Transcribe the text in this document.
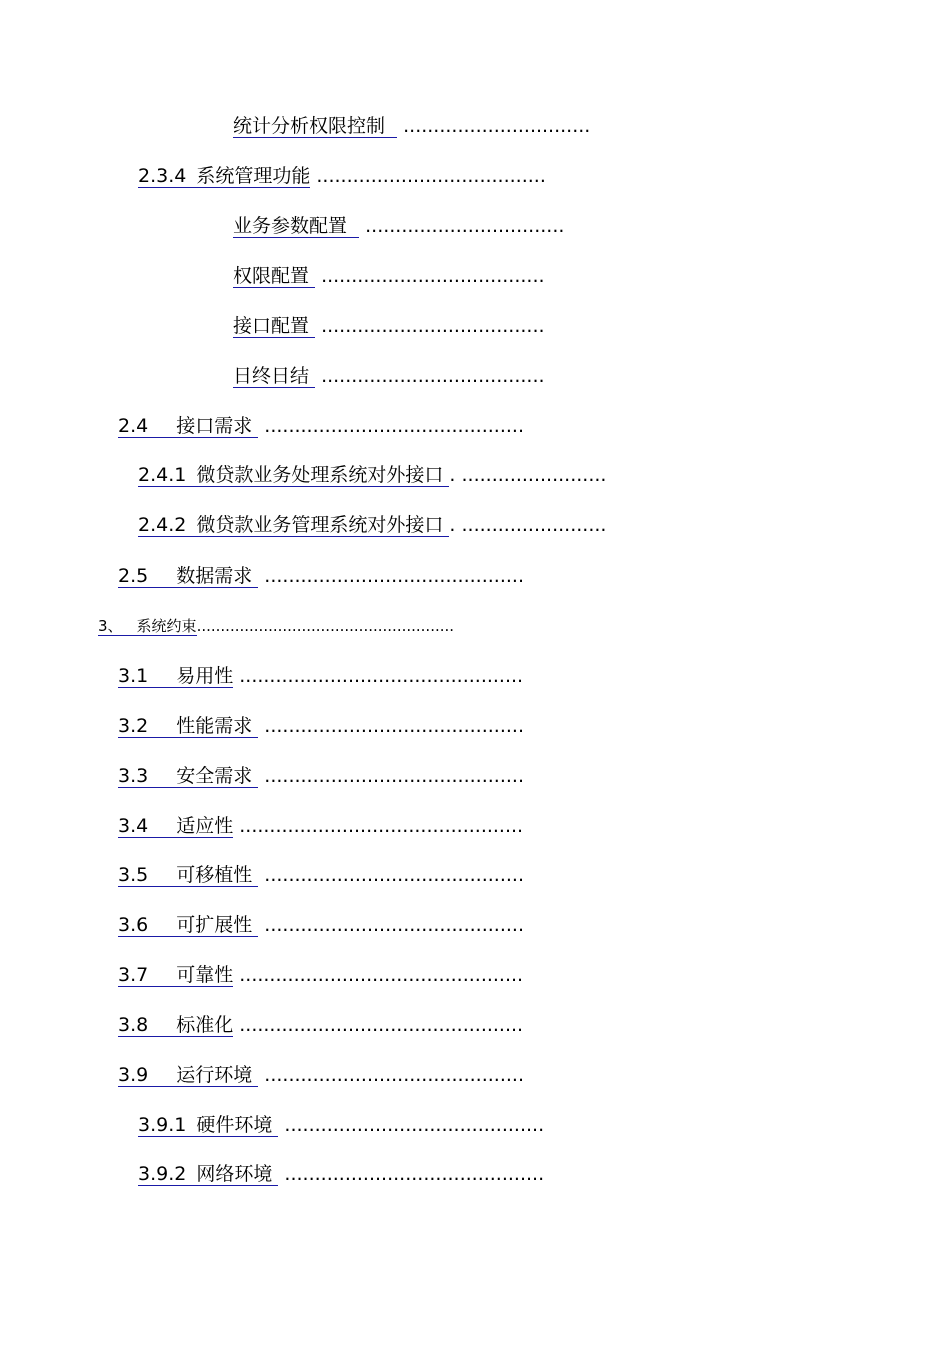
统计分析权限控制 ...............................
2.3.4 系统管理功能 ......................................
业务参数配置 .................................
权限配置 .....................................
接口配置 .....................................
日终日结 .....................................
2.4 接口需求 ...........................................
2.4.1 微贷款业务处理系统对外接口 . ........................
2.4.2 微贷款业务管理系统对外接口 . ........................
2.5 数据需求 ...........................................
3、 系统约束......................................................
3.1 易用性 ...............................................
3.2 性能需求 ...........................................
3.3 安全需求 ...........................................
3.4 适应性 ...............................................
3.5 可移植性 ...........................................
3.6 可扩展性 ...........................................
3.7 可靠性 ...............................................
3.8 标准化 ...............................................
3.9 运行环境 ...........................................
3.9.1 硬件环境 ...........................................
3.9.2 网络环境 ...........................................
